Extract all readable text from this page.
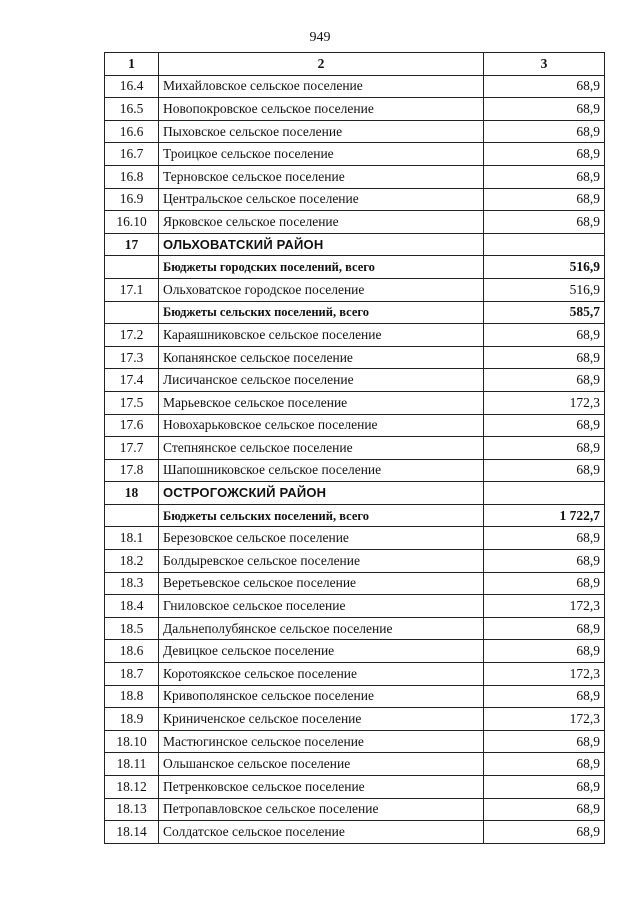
949
1	2	3
16.4	Михайловское сельское поселение	68,9
16.5	Новопокровское сельское поселение	68,9
16.6	Пыховское сельское поселение	68,9
16.7	Троицкое сельское поселение	68,9
16.8	Терновское сельское поселение	68,9
16.9	Центральское сельское поселение	68,9
16.10	Ярковское сельское поселение	68,9
17	ОЛЬХОВАТСКИЙ РАЙОН	
	Бюджеты городских поселений, всего	516,9
17.1	Ольховатское городское поселение	516,9
	Бюджеты сельских поселений, всего	585,7
17.2	Караяшниковское сельское поселение	68,9
17.3	Копанянское сельское поселение	68,9
17.4	Лисичанское сельское поселение	68,9
17.5	Марьевское сельское поселение	172,3
17.6	Новохарьковское сельское поселение	68,9
17.7	Степнянское сельское поселение	68,9
17.8	Шапошниковское сельское поселение	68,9
18	ОСТРОГОЖСКИЙ РАЙОН	
	Бюджеты сельских поселений, всего	1 722,7
18.1	Березовское сельское поселение	68,9
18.2	Болдыревское сельское поселение	68,9
18.3	Веретьевское сельское поселение	68,9
18.4	Гниловское сельское поселение	172,3
18.5	Дальнеполубянское сельское поселение	68,9
18.6	Девицкое сельское поселение	68,9
18.7	Коротоякское сельское поселение	172,3
18.8	Кривополянское сельское поселение	68,9
18.9	Криниченское сельское поселение	172,3
18.10	Мастюгинское сельское поселение	68,9
18.11	Ольшанское сельское поселение	68,9
18.12	Петренковское сельское поселение	68,9
18.13	Петропавловское сельское поселение	68,9
18.14	Солдатское сельское поселение	68,9
